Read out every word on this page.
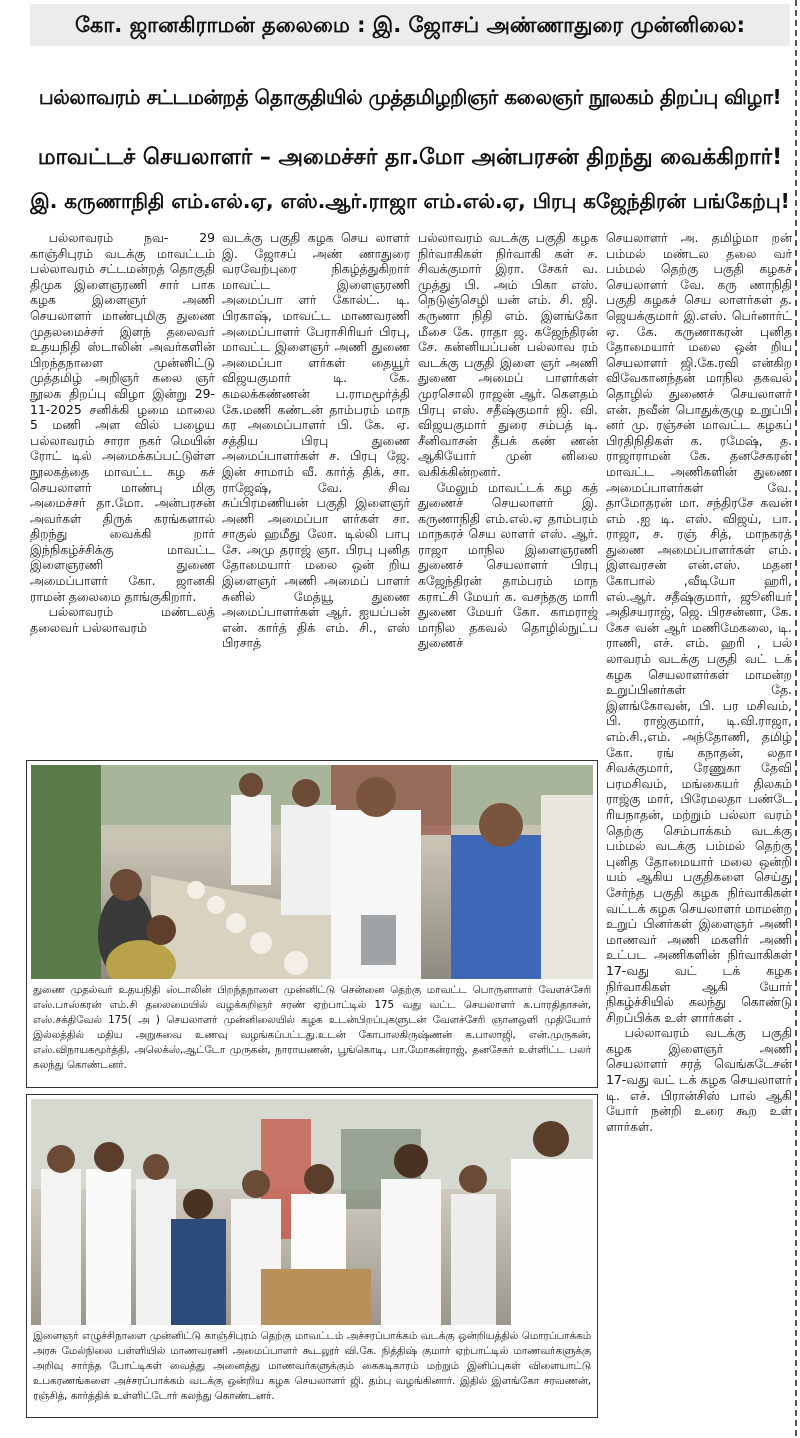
கோ. ஜானகிராமன் தலைமை : இ. ஜோசப் அண்ணாதுரை முன்னிலை:
பல்லாவரம் சட்டமன்றத் தொகுதியில் முத்தமிழறிஞர் கலைஞர் நூலகம் திறப்பு விழா!
மாவட்டச் செயலாளர் – அமைச்சர் தா.மோ அன்பரசன் திறந்து வைக்கிறார்!
இ. கருணாநிதி எம்.எல்.ஏ, எஸ்.ஆர்.ராஜா எம்.எல்.ஏ, பிரபு கஜேந்திரன் பங்கேற்பு!

பல்லாவரம் நவ- 29 காஞ்சிபுரம் வடக்கு மாவட்டம் பல்லாவரம் சட்டமன்றத் தொகுதி திமுக இளைஞரணி சார் பாக கழக இளைஞர் அணி செயலாளர் மாண்புமிகு துணை முதலமைச்சர் இளந் தலைவர் உதயநிதி ஸ்டாலின் அவர்களின் பிறந்தநாளை முன்னிட்டு முத்தமிழ் அறிஞர் கலை ஞர் நூலக திறப்பு விழா இன்று 29- 11-2025 சனிக்கி ழமை மாலை 5 மணி அள வில் பழைய பல்லாவரம் சாரா நகர் மெயின் ரோட் டில் அமைக்கப்பட்டுள்ள நூலகத்தை மாவட்ட கழ கச் செயலாளர் மாண்பு மிகு அமைச்சர் தா.மோ. அன்பரசன் அவர்கள் திருக் கரங்களால் திறந்து வைக்கி றார் இந்நிகழ்ச்சிக்கு மாவட்ட இளைஞரணி துணை அமைப்பாளர் கோ. ஜானகி ராமன் தலைமை தாங்குகிறார்.

பல்லாவரம் மண்டலத் தலைவர் பல்லாவரம்

வடக்கு பகுதி கழக செய லாளர் இ. ஜோசப் அண் ணாதுரை வரவேற்புரை நிகழ்த்துகிறார் மாவட்ட இளைஞரணி அமைப்பா ளர் கோல்ட். டி. பிரகாஷ், மாவட்ட மாணவரணி அமைப்பாளர் பேராசிரியர் பிரபு, மாவட்ட இளைஞர் அணி துணை அமைப்பா ளர்கள் தையூர் விஜயகுமார் டி. கே. கமலக்கண்ணன் ப.ராமமூர்த்தி கே.மணி கண்டன் தாம்பரம் மாந கர அமைப்பாளர் பி. கே. ஏ. சத்திய பிரபு துணை அமைப்பாளர்கள் ச. பிரபு ஜே. இன் சாமாம் வீ. கார்த் திக், சா. ராஜேஷ், வே. சிவ சுப்பிரமணியன் பகுதி இளைஞர் அணி அமைப்பா ளர்கள் சா. சாகுல் ஹமீது லோ. டில்லி பாபு சே. அமு தராஜ் ஞா. பிரபு புனித தோமையார் மலை ஒன் றிய இளைஞர் அணி அமைப் பாளர் சுனில் மேத்யூ துணை அமைப்பாளர்கள் ஆர். ஐயப்பன் என். கார்த் திக் எம். சி., எஸ் பிரசாத்

பல்லாவரம் வடக்கு பகுதி கழக நிர்வாகிகள் நிர்வாகி கள் ச. சிவக்குமார் இரா. சேகர் வ. முத்து பி. அம் பிகா எஸ். நெடுஞ்செழி யன் எம். சி. ஜி. கருணா நிதி எம். இளங்கோ மீசை கே. ராதா ஜ. கஜேந்திரன் சே. கன்னியப்பன் பல்லாவ ரம் வடக்கு பகுதி இளை ஞர் அணி துணை அமைப் பாளர்கள் முரசொலி ராஜன் ஆர். கௌதம் பிரபு எஸ். சதீஷ்குமார் ஜி. வி. விஜயகுமார் துரை சம்பத் டி. சீனிவாசன் தீபக் கண் ணன் ஆகியோர் முன் னிலை வகிக்கின்றனர்.

மேலும் மாவட்டக் கழ கத் துணைச் செயலாளர் இ. கருணாநிதி எம்.எல்.ஏ தாம்பரம் மாநகரச் செய லாளர் எஸ். ஆர். ராஜா மாநில இளைஞரணி துணைச் செயலாளர் பிரபு கஜேந்திரன் தாம்பரம் மாந கராட்சி மேயர் க. வசந்தகு மாரி துணை மேயர் கோ. காமராஜ் மாநில தகவல் தொழில்நுட்ப துணைச்

செயலாளர் அ. தமிழ்மா றன் பம்மல் மண்டல தலை வர் பம்மல் தெற்கு பகுதி கழகச் செயலாளர் வே. கரு ணாநிதி பகுதி கழகச் செய லாளர்கள் த. ஜெயக்குமார் இ.எஸ். பெர்னார்ட் ஏ. கே. கருணாகரன் புனித தோமையார் மலை ஒன் றிய செயலாளர் ஜி.கே.ரவி என்கிற விவேகானந்தன் மாநில தகவல் தொழில் துணைச் செயலாளர் என். நவீன் பொதுக்குழு உறுப்பி னர் மு. ரஞ்சன் மாவட்ட கழகப் பிரதிநிதிகள் க. ரமேஷ், த. ராஜாராமன் கே. தனசேகரன் மாவட்ட அணிகளின் துணை அமைப்பாளர்கள் வே. தாமோதரன் மா. சந்திரசே கவன் எம் .ஐ டி. எஸ். விஜய், பா. ராஜா, ச. ரஞ் சித், மாநகரத் துணை அமைப்பாளர்கள் எம். இளவரசன் என்.எஸ். மதன கோபால் ,வீடியோ ஹரி, எல்.ஆர். சதீஷ்குமார், ஜூனியர் அதிசயராஜ், ஜெ. பிரசன்னா, கே. கேச வன் ஆர் மணிமேகலை, டி. ராணி, எச். எம். ஹரி , பல் லாவரம் வடக்கு பகுதி வட் டக் கழக செயலாளர்கள் மாமன்ற உறுப்பினர்கள் தே. இளங்கோவன், பி. பர மசிவம், பி. ராஜ்குமார், டி.வி.ராஜா, எம்.சி.,எம். அந்தோணி, தமிழ் கோ. ரங் கநாதன், லதா சிவக்குமார், ரேணுகா தேவி பரமசிவம், மங்கையர் திலகம் ராஜ்கு மார், பிரேமலதா பண்டே ரியநாதன், மற்றும் பல்லா வரம் தெற்கு செம்பாக்கம் வடக்கு பம்மல் வடக்கு பம்மல் தெற்கு புனித தோமையார் மலை ஒன்றி யம் ஆகிய பகுதிகளை செய்து சேர்ந்த பகுதி கழக நிர்வாகிகள் வட்டக் கழக செயலாளர் மாமன்ற உறுப் பினர்கள் இளைஞர் அணி மாணவர் அணி மகளிர் அணி உட்பட அணிகளின் நிர்வாகிகள் 17-வது வட் டக் கழக நிர்வாகிகள் ஆகி யோர் நிகழ்ச்சியில் கலந்து கொண்டு சிறப்பிக்க உள் ளார்கள் .

பல்லாவரம் வடக்கு பகுதி கழக இளைஞர் அணி செயலாளர் சரத் வெங்கடேசன் 17-வது வட் டக் கழக செயலாளர் டி. எச். பிரான்சிஸ் பால் ஆகி யோர் நன்றி உரை கூற உள் ளார்கள்.

துணை முதல்வர் உதயநிதி ஸ்டாலின் பிறந்தநாளை முன்னிட்டு சென்னை தெற்கு மாவட்ட பொருளாளர் வேளச்சேரி எஸ்.பாஸ்கரன் எம்.சி தலைமையில் வழக்கறிஞர் சரண் ஏற்பாட்டில் 175 வது வட்ட செயலாளர் க.பாரதிதாசன், எஸ்.சக்திவேல் 175( அ ) செயலாளர் முன்னிலையில் கழக உடன்பிறப்புகளுடன் வேளச்சேரி ஞானஒளி முதியோர் இல்லத்தில் மதிய அறுசுவை உணவு வழங்கப்பட்டது.உடன் கோபாலகிருஷ்ணன் க.பாலாஜி, என்.முருகன், எஸ்.விநாயகமூர்த்தி, அலெக்ஸ்,ஆட்டோ முருகன், நாராயணன், பூங்கொடி, பா.மோகன்ராஜ், தனசேகர் உள்ளிட்ட பலர் கலந்து கொண்டனர்.
இளைஞர் எழுச்சிநாளை முன்னிட்டு காஞ்சிபுரம் தெற்கு மாவட்டம் அச்சரப்பாக்கம் வடக்கு ஒன்றியத்தில் மொரப்பாக்கம் அரசு மேல்நிலை பள்ளியில் மாணவரணி அமைப்பாளர் கூடலூர் வி.கே. நித்திஷ் குமார் ஏற்பாட்டில் மாணவர்களுக்கு அறிவு சார்ந்த போட்டிகள் வைத்து அனைத்து மாணவர்களுக்கும் கைகடிகாரம் மற்றும் இனிப்புகள் விளையாட்டு உபகரணங்களை அச்சரப்பாக்கம் வடக்கு ஒன்றிய கழக செயலாளர் ஜி. தம்பு வழங்கினார். இதில் இளங்கோ சரவணன், ரஞ்சித், கார்த்திக் உள்ளிட்டோர் கலந்து கொண்டனர்.
